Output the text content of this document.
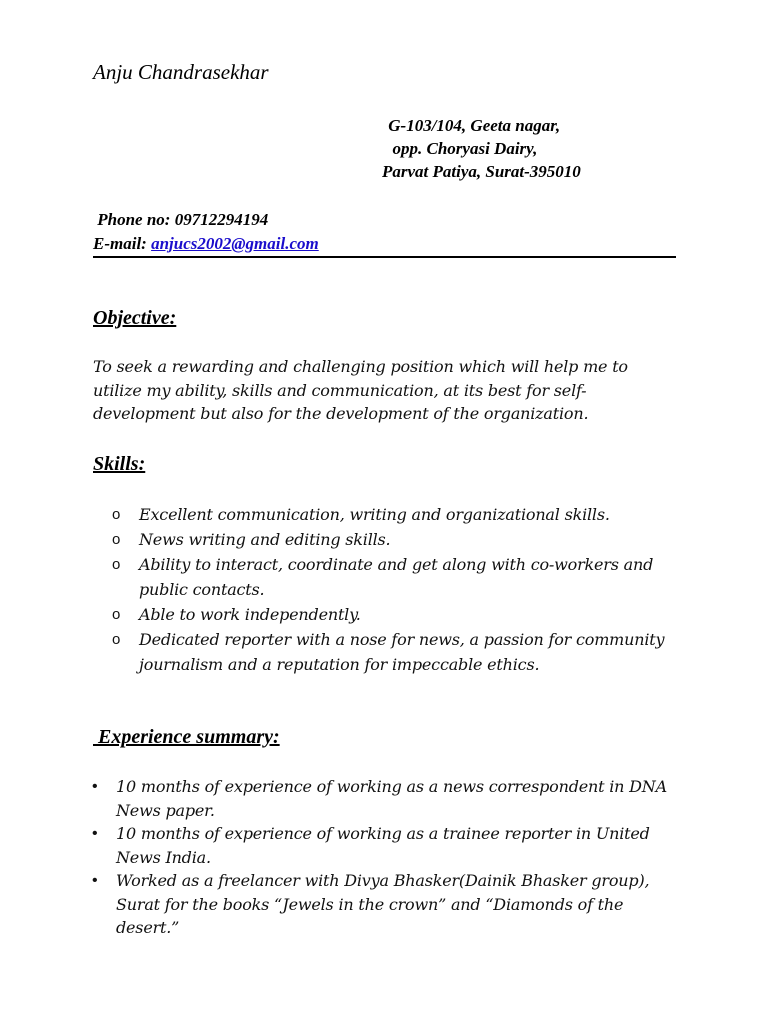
Anju Chandrasekhar
G-103/104, Geeta nagar,
opp. Choryasi Dairy,
Parvat Patiya, Surat-395010
Phone no: 09712294194
E-mail: anjucs2002@gmail.com
Objective:
To seek a rewarding and challenging position which will help me to utilize my ability, skills and communication, at its best for self-development but also for the development of the organization.
Skills:
o Excellent communication, writing and organizational skills.
o News writing and editing skills.
o Ability to interact, coordinate and get along with co-workers and public contacts.
o Able to work independently.
o Dedicated reporter with a nose for news, a passion for community journalism and a reputation for impeccable ethics.
Experience summary:
• 10 months of experience of working as a news correspondent in DNA News paper.
• 10 months of experience of working as a trainee reporter in United News India.
• Worked as a freelancer with Divya Bhasker(Dainik Bhasker group), Surat for the books “Jewels in the crown” and “Diamonds of the desert.”
